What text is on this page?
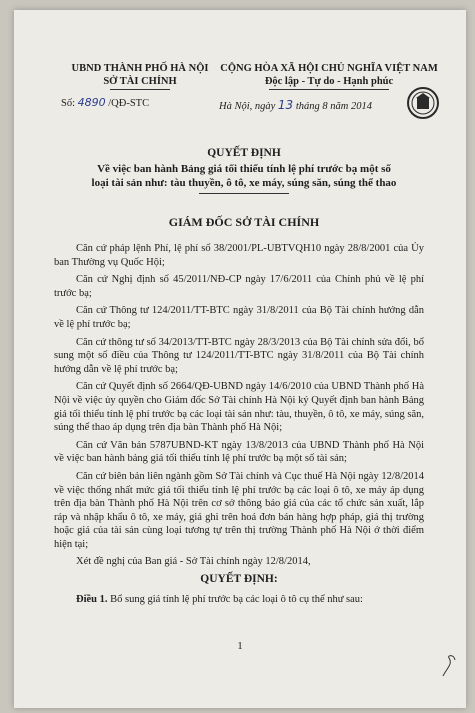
UBND THÀNH PHỐ HÀ NỘI
SỞ TÀI CHÍNH
Số: 4890 /QĐ-STC
CỘNG HÒA XÃ HỘI CHỦ NGHĨA VIỆT NAM
Độc lập - Tự do - Hạnh phúc
Hà Nội, ngày 13 tháng 8 năm 2014
QUYẾT ĐỊNH
Về việc ban hành Bảng giá tối thiểu tính lệ phí trước bạ một số
loại tài sản như: tàu thuyền, ô tô, xe máy, súng săn, súng thể thao
GIÁM ĐỐC SỞ TÀI CHÍNH

Căn cứ pháp lệnh Phí, lệ phí số 38/2001/PL-UBTVQH10 ngày 28/8/2001 của Ủy ban Thường vụ Quốc Hội;

Căn cứ Nghị định số 45/2011/NĐ-CP ngày 17/6/2011 của Chính phủ về lệ phí trước bạ;

Căn cứ Thông tư 124/2011/TT-BTC ngày 31/8/2011 của Bộ Tài chính hướng dẫn về lệ phí trước bạ;

Căn cứ thông tư số 34/2013/TT-BTC ngày 28/3/2013 của Bộ Tài chính sửa đổi, bổ sung một số điều của Thông tư 124/2011/TT-BTC ngày 31/8/2011 của Bộ Tài chính hướng dẫn về lệ phí trước bạ;

Căn cứ Quyết định số 2664/QĐ-UBND ngày 14/6/2010 của UBND Thành phố Hà Nội về việc ủy quyền cho Giám đốc Sở Tài chính Hà Nội ký Quyết định ban hành Bảng giá tối thiểu tính lệ phí trước bạ các loại tài sản như: tàu, thuyền, ô tô, xe máy, súng săn, súng thể thao áp dụng trên địa bàn Thành phố Hà Nội;

Căn cứ Văn bản 5787UBND-KT ngày 13/8/2013 của UBND Thành phố Hà Nội về việc ban hành bảng giá tối thiểu tính lệ phí trước bạ một số tài sản;

Căn cứ biên bản liên ngành gồm Sở Tài chính và Cục thuế Hà Nội ngày 12/8/2014 về việc thống nhất mức giá tối thiểu tính lệ phí trước bạ các loại ô tô, xe máy áp dụng trên địa bàn Thành phố Hà Nội trên cơ sở thông báo giá của các tổ chức sản xuất, lắp ráp và nhập khẩu ô tô, xe máy, giá ghi trên hoá đơn bán hàng hợp pháp, giá thị trường hoặc giá của tài sản cùng loại tương tự trên thị trường Thành phố Hà Nội ở thời điểm hiện tại;

Xét đề nghị của Ban giá - Sở Tài chính ngày 12/8/2014,

QUYẾT ĐỊNH:
Điều 1. Bổ sung giá tính lệ phí trước bạ các loại ô tô cụ thể như sau:
1
